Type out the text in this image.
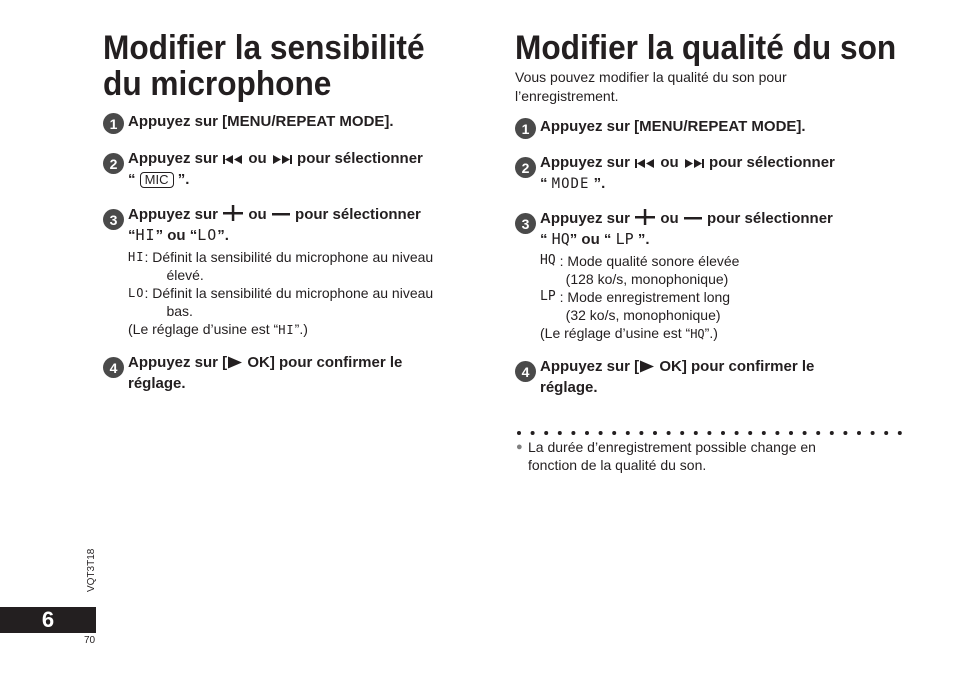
Modifier la sensibilité
du microphone
1 Appuyez sur [MENU/REPEAT MODE].
2 Appuyez sur ou pour sélectionner
“ MIC ”.
3 Appuyez sur ou pour sélectionner
“HI” ou “LO”.
HI : Définit la sensibilité du microphone au niveau
élevé.
LO : Définit la sensibilité du microphone au niveau
bas.
(Le réglage d’usine est “HI”.)
4 Appuyez sur [ OK] pour confirmer le
réglage.
Modifier la qualité du son
Vous pouvez modifier la qualité du son pour
l’enregistrement.
1 Appuyez sur [MENU/REPEAT MODE].
2 Appuyez sur ou pour sélectionner
“ MODE ”.
3 Appuyez sur ou pour sélectionner
“ HQ” ou “ LP ”.
HQ : Mode qualité sonore élevée
(128 ko/s, monophonique)
LP : Mode enregistrement long
(32 ko/s, monophonique)
(Le réglage d’usine est “HQ”.)
4 Appuyez sur [ OK] pour confirmer le
réglage.
● La durée d’enregistrement possible change en
fonction de la qualité du son.
VQT3T18
6
70
